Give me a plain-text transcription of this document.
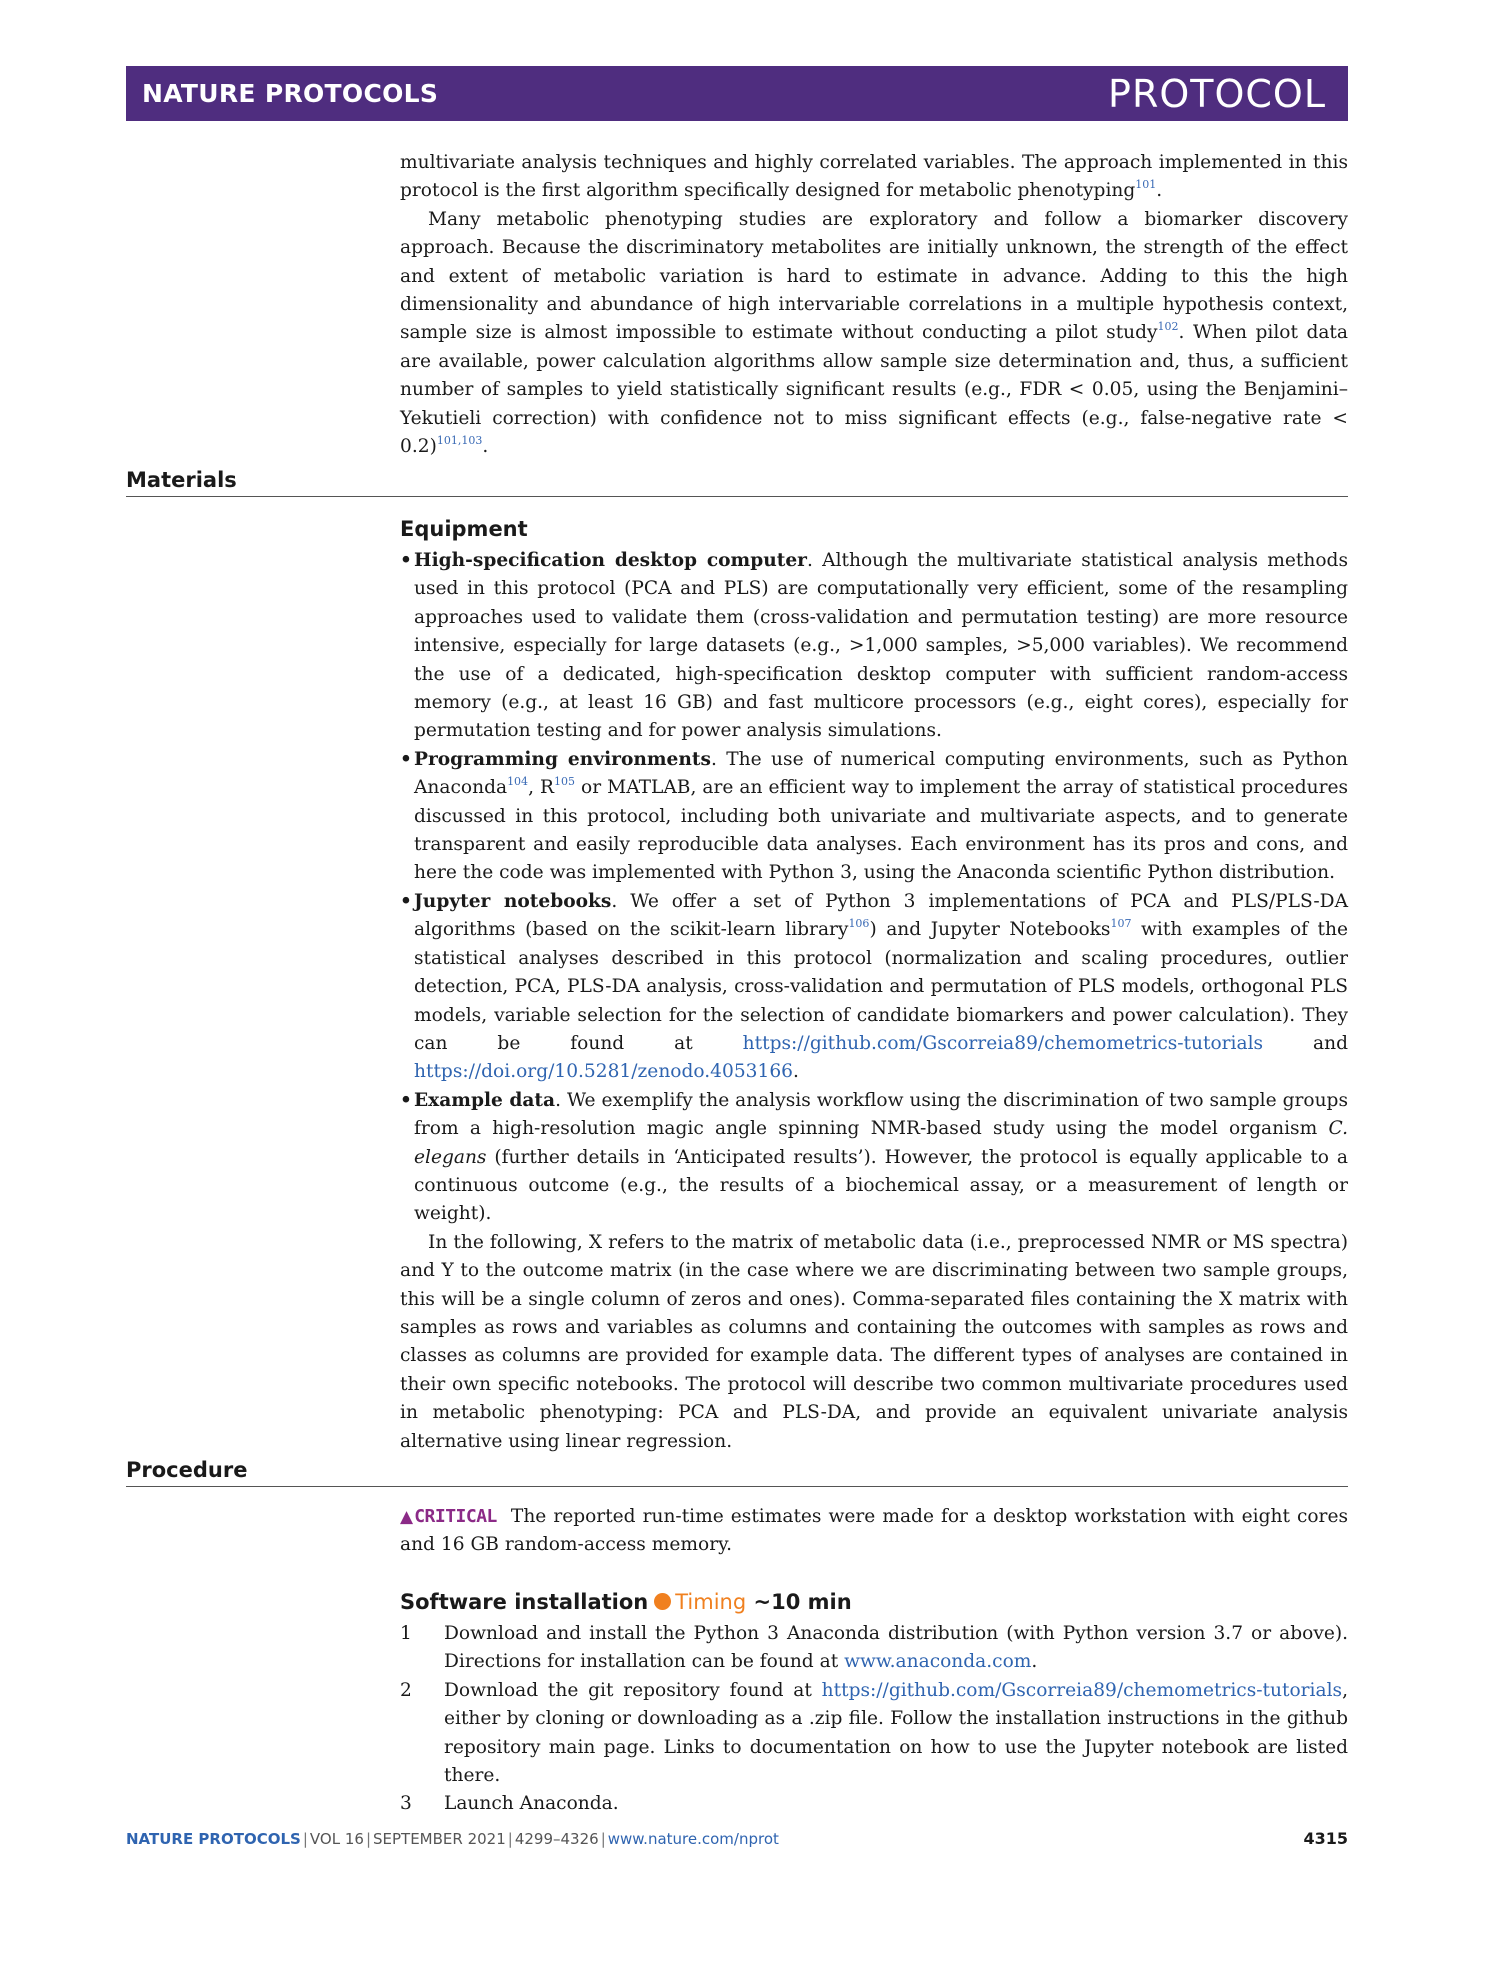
NATURE PROTOCOLS	PROTOCOL

multivariate analysis techniques and highly correlated variables. The approach implemented in this protocol is the first algorithm specifically designed for metabolic phenotyping$^{101}$.

Many metabolic phenotyping studies are exploratory and follow a biomarker discovery approach. Because the discriminatory metabolites are initially unknown, the strength of the effect and extent of metabolic variation is hard to estimate in advance. Adding to this the high dimensionality and abundance of high intervariable correlations in a multiple hypothesis context, sample size is almost impossible to estimate without conducting a pilot study$^{102}$. When pilot data are available, power calculation algorithms allow sample size determination and, thus, a sufficient number of samples to yield statistically significant results (e.g., FDR < 0.05, using the Benjamini–Yekutieli correction) with confidence not to miss significant effects (e.g., false-negative rate < 0.2)$^{101,103}$.

Materials
Equipment
• High-specification desktop computer. Although the multivariate statistical analysis methods used in this protocol (PCA and PLS) are computationally very efficient, some of the resampling approaches used to validate them (cross-validation and permutation testing) are more resource intensive, especially for large datasets (e.g., >1,000 samples, >5,000 variables). We recommend the use of a dedicated, high-specification desktop computer with sufficient random-access memory (e.g., at least 16 GB) and fast multicore processors (e.g., eight cores), especially for permutation testing and for power analysis simulations.
• Programming environments. The use of numerical computing environments, such as Python Anaconda$^{104}$, $R^{105}$ or MATLAB, are an efficient way to implement the array of statistical procedures discussed in this protocol, including both univariate and multivariate aspects, and to generate transparent and easily reproducible data analyses. Each environment has its pros and cons, and here the code was implemented with Python 3, using the Anaconda scientific Python distribution.
• Jupyter notebooks. We offer a set of Python 3 implementations of PCA and PLS/PLS-DA algorithms (based on the scikit-learn library$^{106}$) and Jupyter Notebooks$^{107}$ with examples of the statistical analyses described in this protocol (normalization and scaling procedures, outlier detection, PCA, PLS-DA analysis, cross-validation and permutation of PLS models, orthogonal PLS models, variable selection for the selection of candidate biomarkers and power calculation). They can be found at https://github.com/Gscorreia89/chemometrics-tutorials and https://doi.org/10.5281/zenodo.4053166.
• Example data. We exemplify the analysis workflow using the discrimination of two sample groups from a high-resolution magic angle spinning NMR-based study using the model organism C. elegans (further details in ‘Anticipated results’). However, the protocol is equally applicable to a continuous outcome (e.g., the results of a biochemical assay, or a measurement of length or weight).

In the following, X refers to the matrix of metabolic data (i.e., preprocessed NMR or MS spectra) and Y to the outcome matrix (in the case where we are discriminating between two sample groups, this will be a single column of zeros and ones). Comma-separated files containing the X matrix with samples as rows and variables as columns and containing the outcomes with samples as rows and classes as columns are provided for example data. The different types of analyses are contained in their own specific notebooks. The protocol will describe two common multivariate procedures used in metabolic phenotyping: PCA and PLS-DA, and provide an equivalent univariate analysis alternative using linear regression.

Procedure

▲CRITICAL The reported run-time estimates were made for a desktop workstation with eight cores and 16 GB random-access memory.

Software installation Timing ~10 min
1 Download and install the Python 3 Anaconda distribution (with Python version 3.7 or above). Directions for installation can be found at www.anaconda.com.
2 Download the git repository found at https://github.com/Gscorreia89/chemometrics-tutorials, either by cloning or downloading as a .zip file. Follow the installation instructions in the github repository main page. Links to documentation on how to use the Jupyter notebook are listed there.
3 Launch Anaconda.
NATURE PROTOCOLS | VOL 16 | SEPTEMBER 2021 | 4299–4326 | www.nature.com/nprot	4315
